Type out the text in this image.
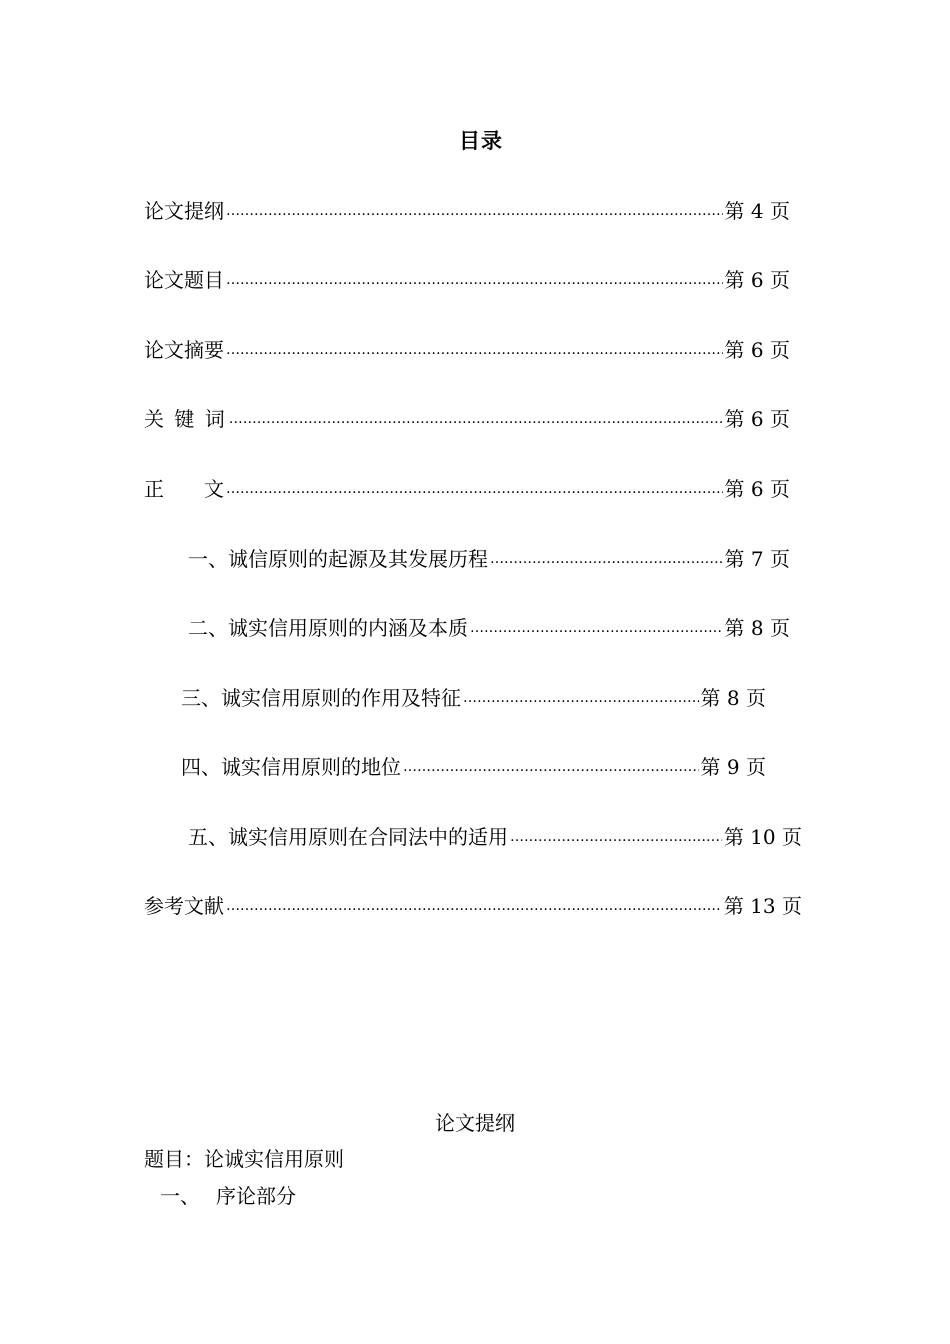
目录
论文提纲 ………………………………………………………………………………………………………………………………………………………………	第 4 页
论文题目 ………………………………………………………………………………………………………………………………………………………………	第 6 页
论文摘要 ………………………………………………………………………………………………………………………………………………………………	第 6 页
关 键 词 ………………………………………………………………………………………………………………………………………………………………	第 6 页
正　　文 ………………………………………………………………………………………………………………………………………………………………	第 6 页
一、诚信原则的起源及其发展历程 ………………………………………………………………………………………………………………………………………………………………	第 7 页
二、诚实信用原则的内涵及本质 ………………………………………………………………………………………………………………………………………………………………	第 8 页
三、诚实信用原则的作用及特征 ………………………………………………………………………………………………………………………………………………………………	第 8 页
四、诚实信用原则的地位 ………………………………………………………………………………………………………………………………………………………………	第 9 页
五、诚实信用原则在合同法中的适用 ………………………………………………………………………………………………………………………………………………………………	第 10 页
参考文献 ………………………………………………………………………………………………………………………………………………………………	第 13 页
论文提纲
题目：论诚实信用原则
一、 序论部分
